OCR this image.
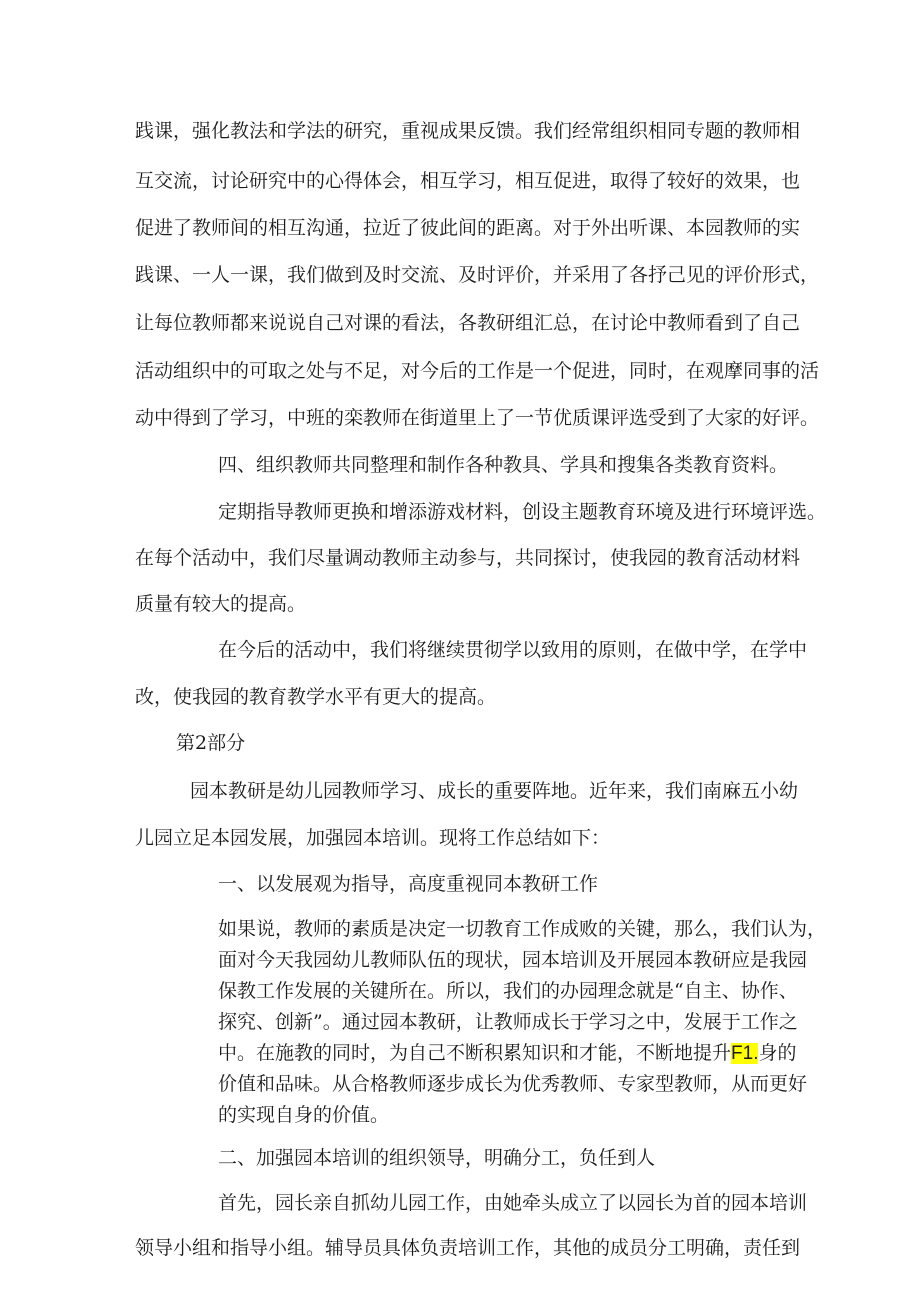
践课，强化教法和学法的研究，重视成果反馈。我们经常组织相同专题的教师相
互交流，讨论研究中的心得体会，相互学习，相互促进，取得了较好的效果，也
促进了教师间的相互沟通，拉近了彼此间的距离。对于外出听课、本园教师的实
践课、一人一课，我们做到及时交流、及时评价，并采用了各抒己见的评价形式，
让每位教师都来说说自己对课的看法，各教研组汇总，在讨论中教师看到了自己
活动组织中的可取之处与不足，对今后的工作是一个促进，同时，在观摩同事的活
动中得到了学习，中班的栾教师在街道里上了一节优质课评选受到了大家的好评。
四、组织教师共同整理和制作各种教具、学具和搜集各类教育资料。
定期指导教师更换和增添游戏材料，创设主题教育环境及进行环境评选。
在每个活动中，我们尽量调动教师主动参与，共同探讨，使我园的教育活动材料
质量有较大的提高。
在今后的活动中，我们将继续贯彻学以致用的原则，在做中学，在学中
改，使我园的教育教学水平有更大的提高。
第2部分
园本教研是幼儿园教师学习、成长的重要阵地。近年来，我们南麻五小幼
儿园立足本园发展，加强园本培训。现将工作总结如下：
一、以发展观为指导，高度重视同本教研工作
如果说，教师的素质是决定一切教育工作成败的关键，那么，我们认为，
面对今天我园幼儿教师队伍的现状，园本培训及开展园本教研应是我园
保教工作发展的关键所在。所以，我们的办园理念就是“自主、协作、
探究、创新”。通过园本教研，让教师成长于学习之中，发展于工作之
中。在施教的同时，为自己不断积累知识和才能，不断地提升F1.身的
价值和品味。从合格教师逐步成长为优秀教师、专家型教师，从而更好
的实现自身的价值。
二、加强园本培训的组织领导，明确分工，负任到人
首先，园长亲自抓幼儿园工作，由她牵头成立了以园长为首的园本培训
领导小组和指导小组。辅导员具体负责培训工作，其他的成员分工明确，责任到
